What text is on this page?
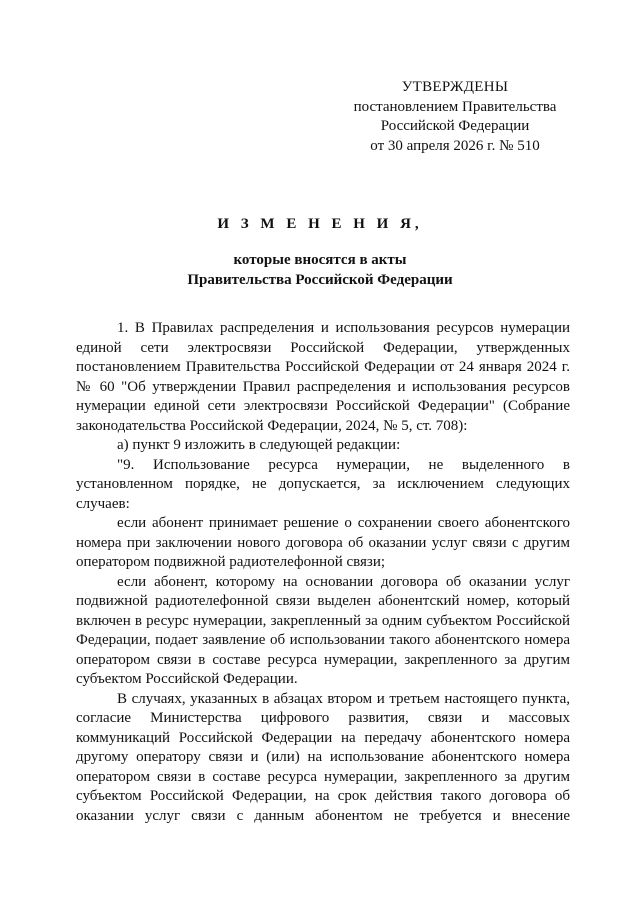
УТВЕРЖДЕНЫ
постановлением Правительства
Российской Федерации
от 30 апреля 2026 г. № 510
И З М Е Н Е Н И Я,
которые вносятся в акты
Правительства Российской Федерации

1. В Правилах распределения и использования ресурсов нумерации единой сети электросвязи Российской Федерации, утвержденных постановлением Правительства Российской Федерации от 24 января 2024 г. № 60 "Об утверждении Правил распределения и использования ресурсов нумерации единой сети электросвязи Российской Федерации" (Собрание законодательства Российской Федерации, 2024, № 5, ст. 708):

а) пункт 9 изложить в следующей редакции:

"9. Использование ресурса нумерации, не выделенного в установленном порядке, не допускается, за исключением следующих случаев:

если абонент принимает решение о сохранении своего абонентского номера при заключении нового договора об оказании услуг связи с другим оператором подвижной радиотелефонной связи;

если абонент, которому на основании договора об оказании услуг подвижной радиотелефонной связи выделен абонентский номер, который включен в ресурс нумерации, закрепленный за одним субъектом Российской Федерации, подает заявление об использовании такого абонентского номера оператором связи в составе ресурса нумерации, закрепленного за другим субъектом Российской Федерации.

В случаях, указанных в абзацах втором и третьем настоящего пункта, согласие Министерства цифрового развития, связи и массовых коммуникаций Российской Федерации на передачу абонентского номера другому оператору связи и (или) на использование абонентского номера оператором связи в составе ресурса нумерации, закрепленного за другим субъектом Российской Федерации, на срок действия такого договора об оказании услуг связи с данным абонентом не требуется и внесение
